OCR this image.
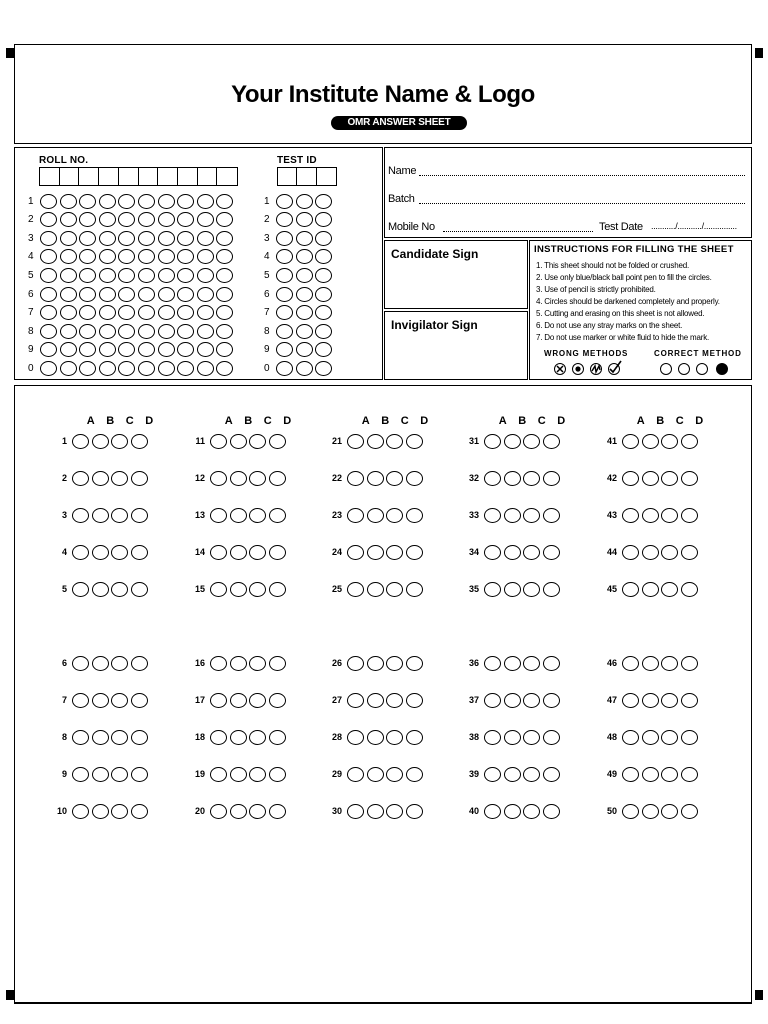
Your Institute Name & Logo
OMR ANSWER SHEET
ROLL NO.	TEST ID
1
2
3
4
5
6
7
8
9
0
1
2
3
4
5
6
7
8
9
0
Name
Batch
Mobile No	Test Date .........../.........../...............
Candidate Sign
Invigilator Sign
INSTRUCTIONS FOR FILLING THE SHEET
1. This sheet should not be folded or crushed.
2. Use only blue/black ball point pen to fill the circles.
3. Use of pencil is strictly prohibited.
4. Circles should be darkened completely and properly.
5. Cutting and erasing on this sheet is not allowed.
6. Do not use any stray marks on the sheet.
7. Do not use marker or white fluid to hide the mark.
WRONG METHODS	CORRECT METHOD
A	B	C	D
1
2
3
4
5
6
7
8
9
10
A	B	C	D
11
12
13
14
15
16
17
18
19
20
A	B	C	D
21
22
23
24
25
26
27
28
29
30
A	B	C	D
31
32
33
34
35
36
37
38
39
40
A	B	C	D
41
42
43
44
45
46
47
48
49
50
